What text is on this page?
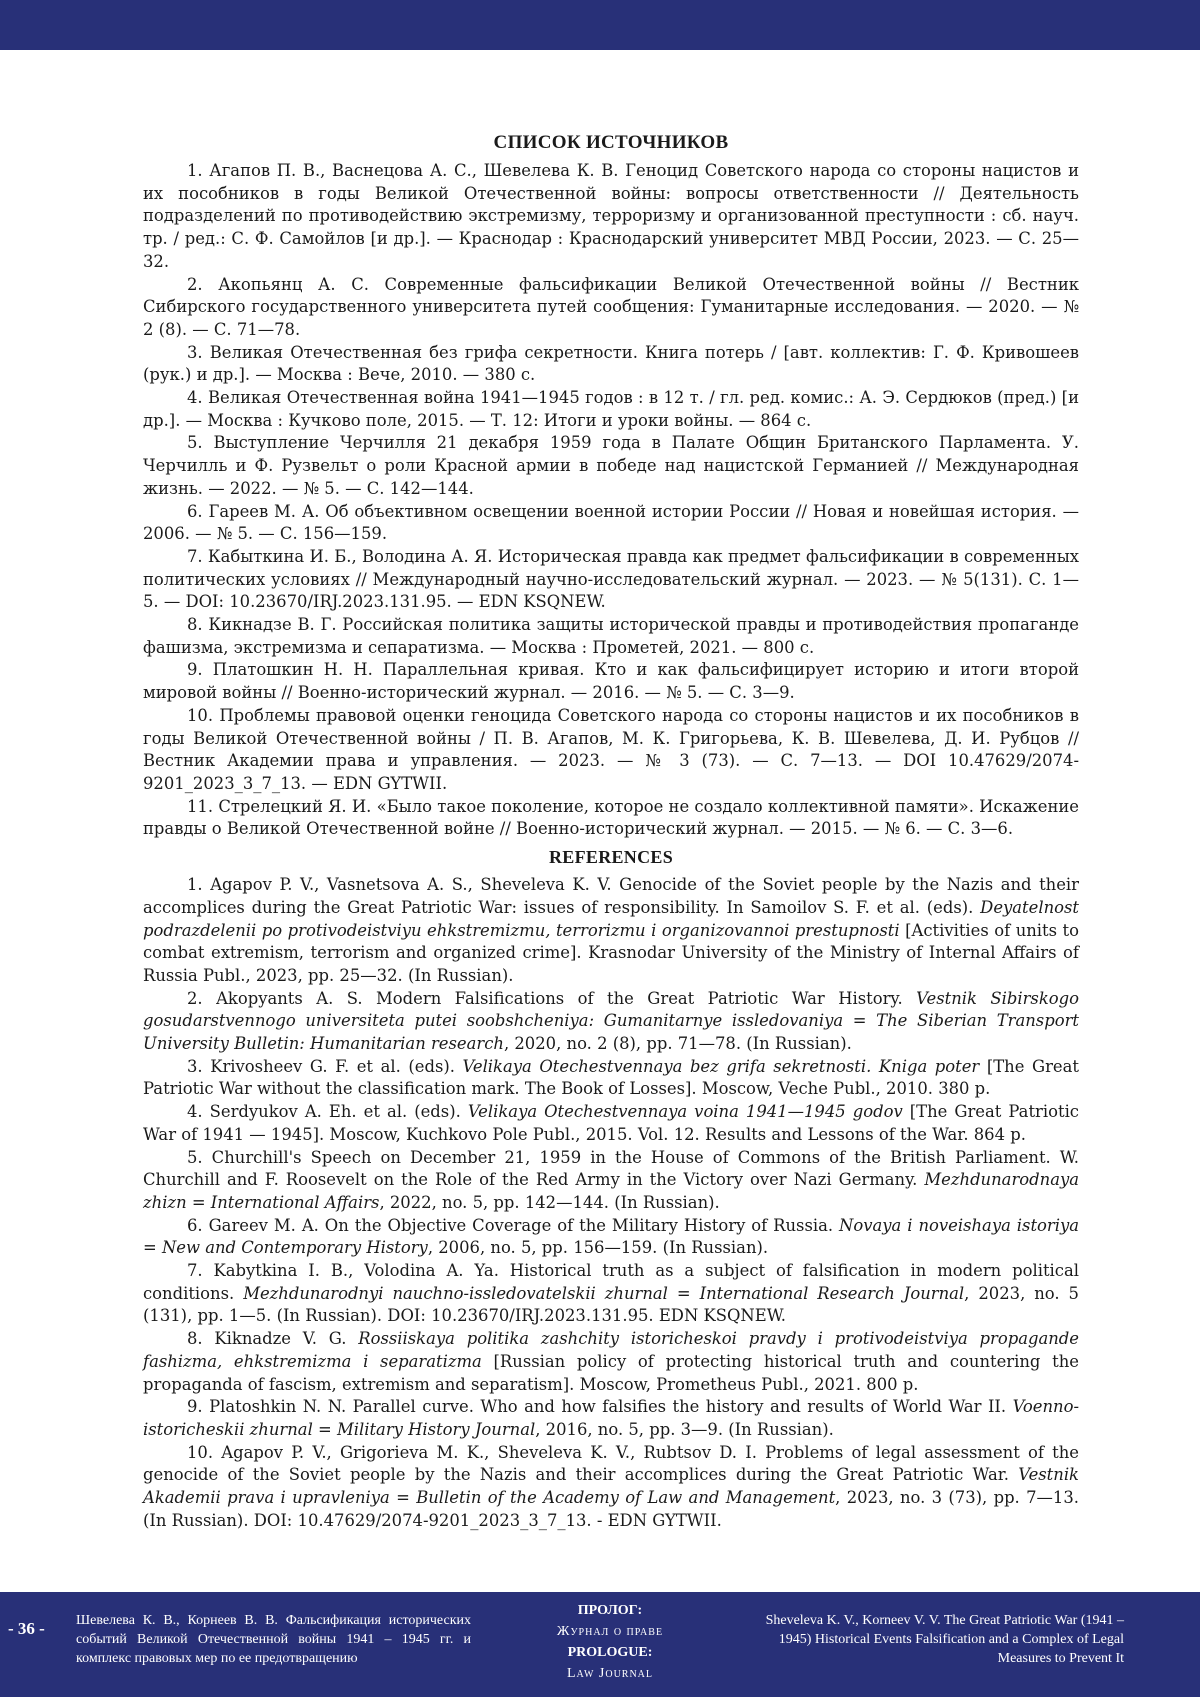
СПИСОК ИСТОЧНИКОВ

1. Агапов П. В., Васнецова А. С., Шевелева К. В. Геноцид Советского народа со стороны нацистов и их пособников в годы Великой Отечественной войны: вопросы ответственности // Деятельность подразделений по противодействию экстремизму, терроризму и организованной преступности : сб. науч. тр. / ред.: С. Ф. Самойлов [и др.]. — Краснодар : Краснодарский университет МВД России, 2023. — С. 25—32.

2. Акопьянц А. С. Современные фальсификации Великой Отечественной войны // Вестник Сибирского государственного университета путей сообщения: Гуманитарные исследования. — 2020. — № 2 (8). — С. 71—78.

3. Великая Отечественная без грифа секретности. Книга потерь / [авт. коллектив: Г. Ф. Кривошеев (рук.) и др.]. — Москва : Вече, 2010. — 380 с.

4. Великая Отечественная война 1941—1945 годов : в 12 т. / гл. ред. комис.: А. Э. Сердюков (пред.) [и др.]. — Москва : Кучково поле, 2015. — Т. 12: Итоги и уроки войны. — 864 с.

5. Выступление Черчилля 21 декабря 1959 года в Палате Общин Британского Парламента. У. Черчилль и Ф. Рузвельт о роли Красной армии в победе над нацистской Германией // Международная жизнь. — 2022. — № 5. — С. 142—144.

6. Гареев М. А. Об объективном освещении военной истории России // Новая и новейшая история. — 2006. — № 5. — С. 156—159.

7. Кабыткина И. Б., Володина А. Я. Историческая правда как предмет фальсификации в современных политических условиях // Международный научно-исследовательский журнал. — 2023. — № 5(131). С. 1—5. — DOI: 10.23670/IRJ.2023.131.95. — EDN KSQNEW.

8. Кикнадзе В. Г. Российская политика защиты исторической правды и противодействия пропаганде фашизма, экстремизма и сепаратизма. — Москва : Прометей, 2021. — 800 с.

9. Платошкин Н. Н. Параллельная кривая. Кто и как фальсифицирует историю и итоги второй мировой войны // Военно-исторический журнал. — 2016. — № 5. — С. 3—9.

10. Проблемы правовой оценки геноцида Советского народа со стороны нацистов и их пособников в годы Великой Отечественной войны / П. В. Агапов, М. К. Григорьева, К. В. Шевелева, Д. И. Рубцов // Вестник Академии права и управления. — 2023. — № 3 (73). — С. 7—13. — DOI 10.47629/2074-9201_2023_3_7_13. — EDN GYTWII.

11. Стрелецкий Я. И. «Было такое поколение, которое не создало коллективной памяти». Искажение правды о Великой Отечественной войне // Военно-исторический журнал. — 2015. — № 6. — С. 3—6.

REFERENCES

1. Agapov P. V., Vasnetsova A. S., Sheveleva K. V. Genocide of the Soviet people by the Nazis and their accomplices during the Great Patriotic War: issues of responsibility. In Samoilov S. F. et al. (eds). Deyatelnost podrazdelenii po protivodeistviyu ehkstremizmu, terrorizmu i organizovannoi prestupnosti [Activities of units to combat extremism, terrorism and organized crime]. Krasnodar University of the Ministry of Internal Affairs of Russia Publ., 2023, pp. 25—32. (In Russian).

2. Akopyants A. S. Modern Falsifications of the Great Patriotic War History. Vestnik Sibirskogo gosudarstvennogo universiteta putei soobshcheniya: Gumanitarnye issledovaniya = The Siberian Transport University Bulletin: Humanitarian research, 2020, no. 2 (8), pp. 71—78. (In Russian).

3. Krivosheev G. F. et al. (eds). Velikaya Otechestvennaya bez grifa sekretnosti. Kniga poter [The Great Patriotic War without the classification mark. The Book of Losses]. Moscow, Veche Publ., 2010. 380 p.

4. Serdyukov A. Eh. et al. (eds). Velikaya Otechestvennaya voina 1941—1945 godov [The Great Patriotic War of 1941 — 1945]. Moscow, Kuchkovo Pole Publ., 2015. Vol. 12. Results and Lessons of the War. 864 p.

5. Churchill's Speech on December 21, 1959 in the House of Commons of the British Parliament. W. Churchill and F. Roosevelt on the Role of the Red Army in the Victory over Nazi Germany. Mezhdunarodnaya zhizn = International Affairs, 2022, no. 5, pp. 142—144. (In Russian).

6. Gareev M. A. On the Objective Coverage of the Military History of Russia. Novaya i noveishaya istoriya = New and Contemporary History, 2006, no. 5, pp. 156—159. (In Russian).

7. Kabytkina I. B., Volodina A. Ya. Historical truth as a subject of falsification in modern political conditions. Mezhdunarodnyi nauchno-issledovatelskii zhurnal = International Research Journal, 2023, no. 5 (131), pp. 1—5. (In Russian). DOI: 10.23670/IRJ.2023.131.95. EDN KSQNEW.

8. Kiknadze V. G. Rossiiskaya politika zashchity istoricheskoi pravdy i protivodeistviya propagande fashizma, ehkstremizma i separatizma [Russian policy of protecting historical truth and countering the propaganda of fascism, extremism and separatism]. Moscow, Prometheus Publ., 2021. 800 p.

9. Platoshkin N. N. Parallel curve. Who and how falsifies the history and results of World War II. Voenno-istoricheskii zhurnal = Military History Journal, 2016, no. 5, pp. 3—9. (In Russian).

10. Agapov P. V., Grigorieva M. K., Sheveleva K. V., Rubtsov D. I. Problems of legal assessment of the genocide of the Soviet people by the Nazis and their accomplices during the Great Patriotic War. Vestnik Akademii prava i upravleniya = Bulletin of the Academy of Law and Management, 2023, no. 3 (73), pp. 7—13. (In Russian). DOI: 10.47629/2074-9201_2023_3_7_13. - EDN GYTWII.

- 36 - Шевелева К. В., Корнеев В. В. Фальсификация исторических событий Великой Отечественной войны 1941 – 1945 гг. и комплекс правовых мер по ее предотвращению
ПРОЛОГ:
Журнал о праве
PROLOGUE:
Law Journal
Sheveleva K. V., Korneev V. V. The Great Patriotic War (1941 – 1945) Historical Events Falsification and a Complex of Legal Measures to Prevent It
